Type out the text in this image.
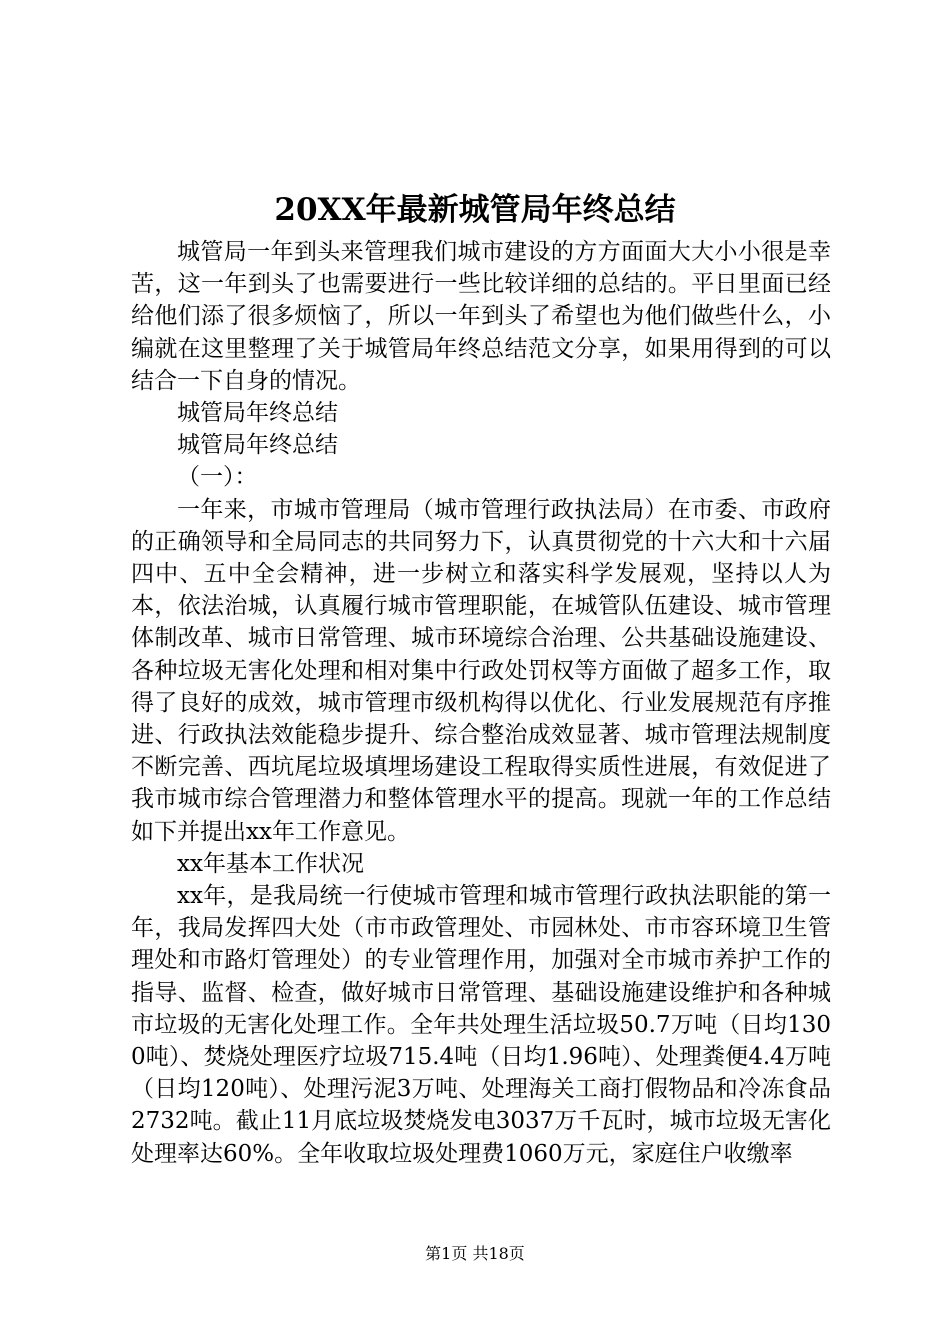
20XX年最新城管局年终总结

城管局一年到头来管理我们城市建设的方方面面大大小小很是幸苦，这一年到头了也需要进行一些比较详细的总结的。平日里面已经给他们添了很多烦恼了，所以一年到头了希望也为他们做些什么，小编就在这里整理了关于城管局年终总结范文分享，如果用得到的可以结合一下自身的情况。

城管局年终总结

城管局年终总结

（一）：

一年来，市城市管理局（城市管理行政执法局）在市委、市政府的正确领导和全局同志的共同努力下，认真贯彻党的十六大和十六届四中、五中全会精神，进一步树立和落实科学发展观，坚持以人为本，依法治城，认真履行城市管理职能，在城管队伍建设、城市管理体制改革、城市日常管理、城市环境综合治理、公共基础设施建设、各种垃圾无害化处理和相对集中行政处罚权等方面做了超多工作，取得了良好的成效，城市管理市级机构得以优化、行业发展规范有序推进、行政执法效能稳步提升、综合整治成效显著、城市管理法规制度不断完善、西坑尾垃圾填埋场建设工程取得实质性进展，有效促进了我市城市综合管理潜力和整体管理水平的提高。现就一年的工作总结如下并提出xx年工作意见。

xx年基本工作状况

xx年，是我局统一行使城市管理和城市管理行政执法职能的第一年，我局发挥四大处（市市政管理处、市园林处、市市容环境卫生管理处和市路灯管理处）的专业管理作用，加强对全市城市养护工作的指导、监督、检查，做好城市日常管理、基础设施建设维护和各种城市垃圾的无害化处理工作。全年共处理生活垃圾50.7万吨（日均1300吨）、焚烧处理医疗垃圾715.4吨（日均1.96吨）、处理粪便4.4万吨（日均120吨）、处理污泥3万吨、处理海关工商打假物品和冷冻食品2732吨。截止11月底垃圾焚烧发电3037万千瓦时，城市垃圾无害化处理率达60%。全年收取垃圾处理费1060万元，家庭住户收缴率

第1页 共18页
